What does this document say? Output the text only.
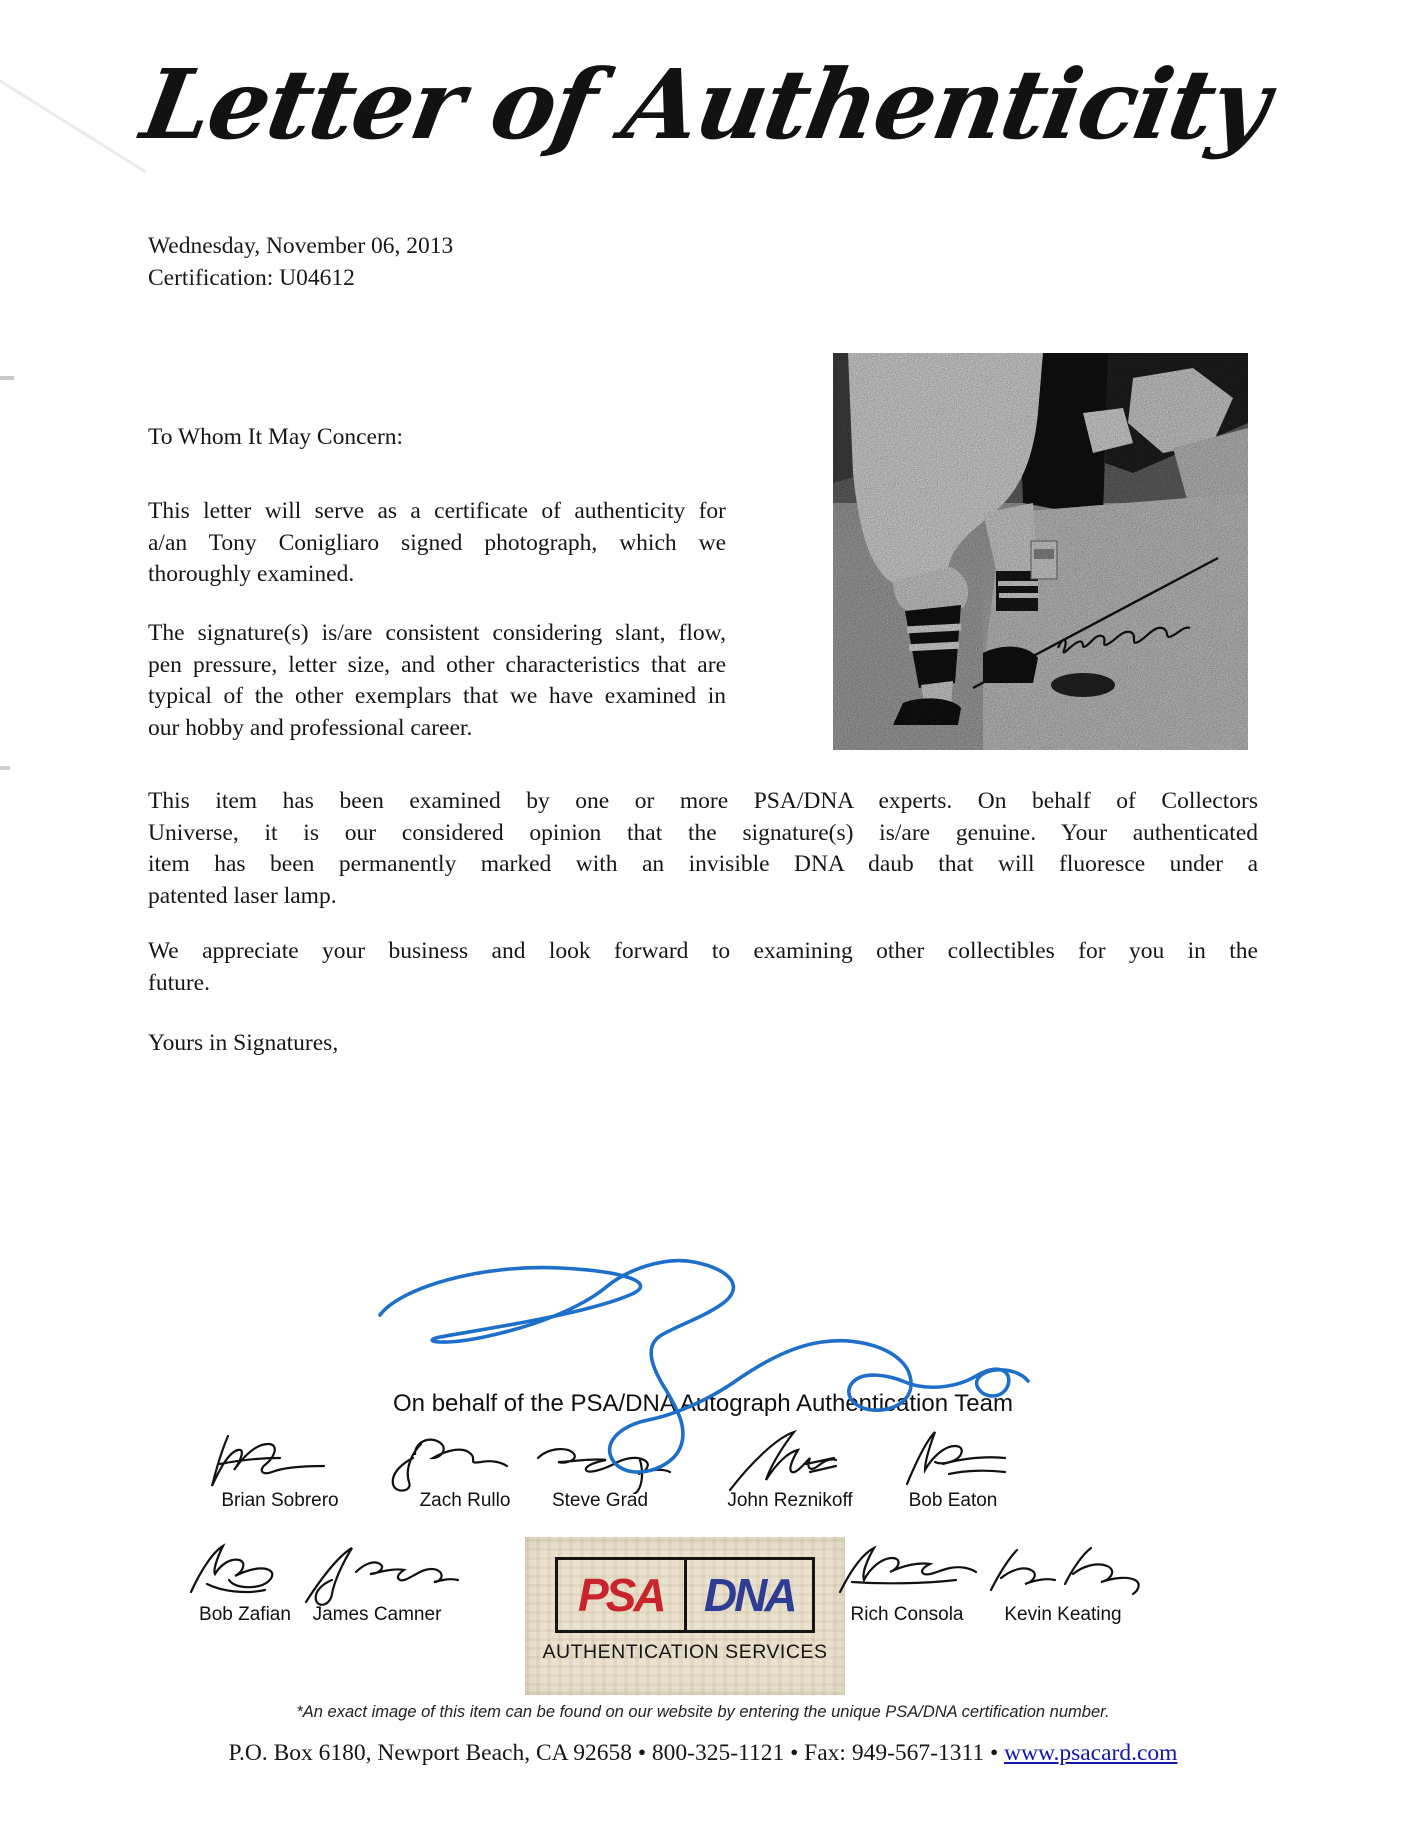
Letter of Authenticity
Wednesday, November 06, 2013
Certification: U04612
To Whom It May Concern:
This letter will serve as a certificate of authenticity for
a/an Tony Conigliaro signed photograph, which we
thoroughly examined.
The signature(s) is/are consistent considering slant, flow,
pen pressure, letter size, and other characteristics that are
typical of the other exemplars that we have examined in
our hobby and professional career.
This item has been examined by one or more PSA/DNA experts. On behalf of Collectors
Universe, it is our considered opinion that the signature(s) is/are genuine. Your authenticated
item has been permanently marked with an invisible DNA daub that will fluoresce under a
patented laser lamp.
We appreciate your business and look forward to examining other collectibles for you in the
future.
Yours in Signatures,
On behalf of the PSA/DNA Autograph Authentication Team
Brian Sobrero	Zach Rullo	Steve Grad	John Reznikoff	Bob Eaton
Bob Zafian	James Camner	PSA DNA
AUTHENTICATION SERVICES
Rich Consola	Kevin Keating
*An exact image of this item can be found on our website by entering the unique PSA/DNA certification number.
P.O. Box 6180, Newport Beach, CA 92658 • 800-325-1121 • Fax: 949-567-1311 • www.psacard.com
